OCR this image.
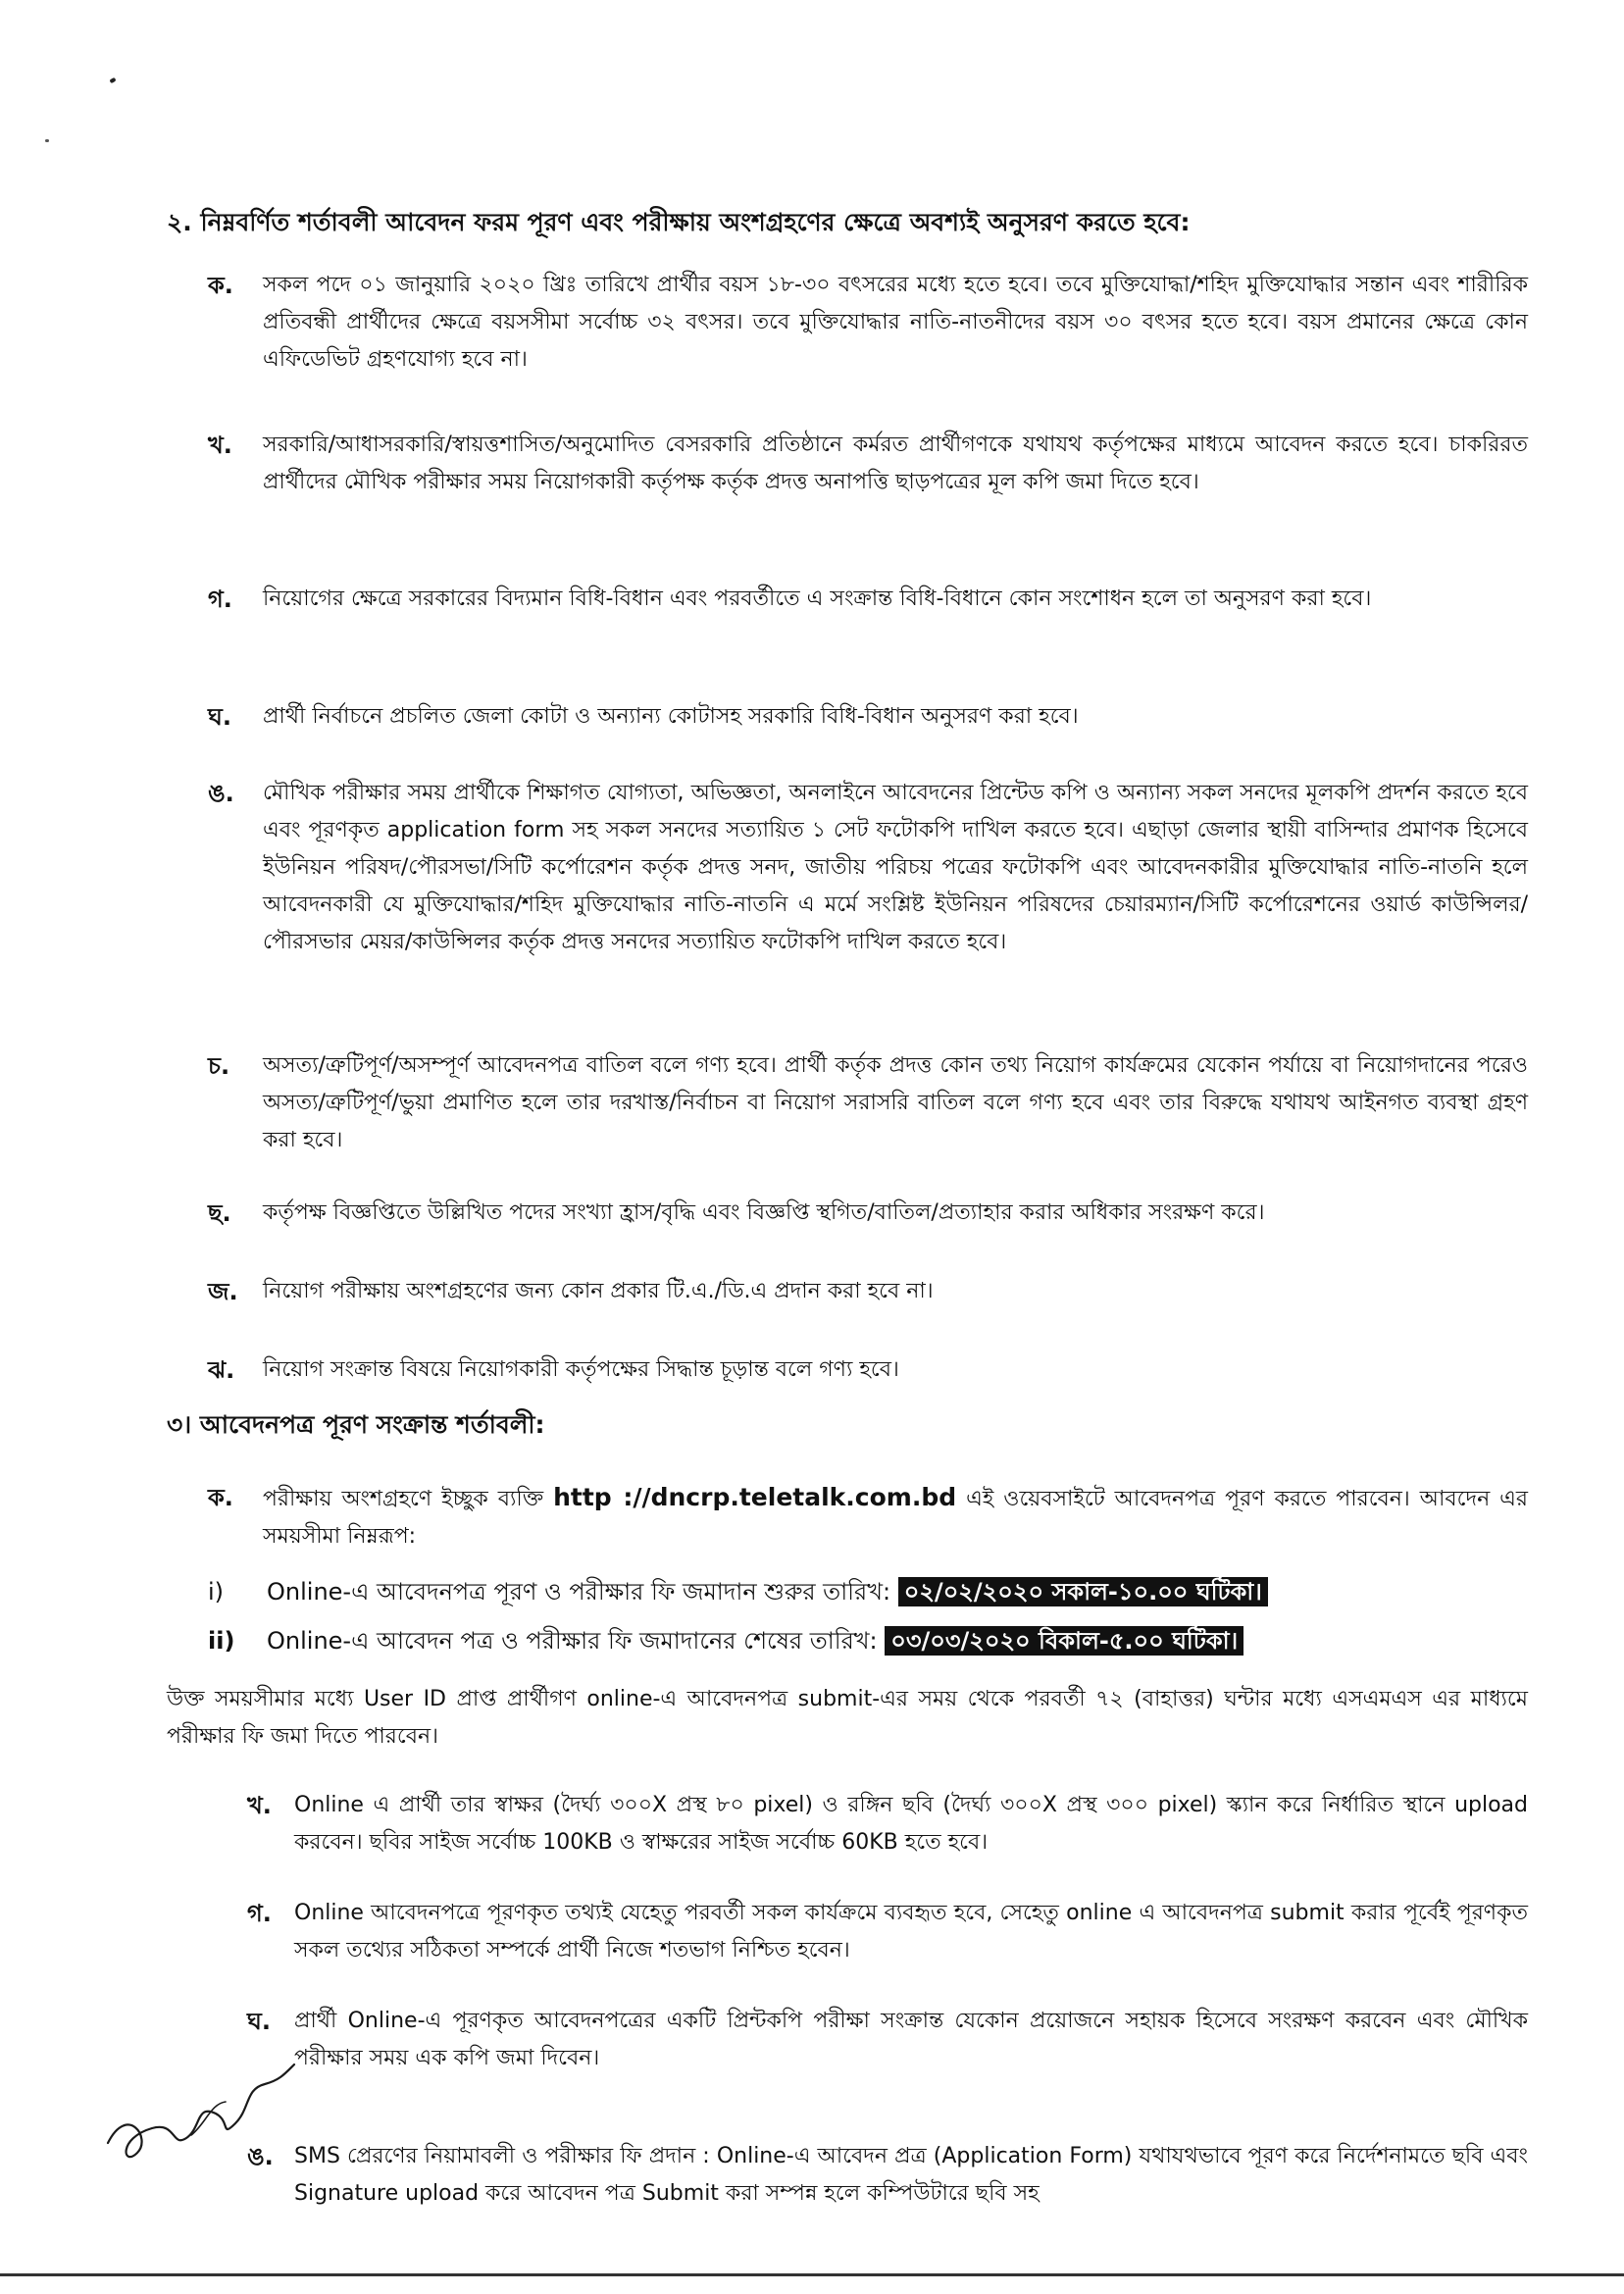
২. নিম্নবর্ণিত শর্তাবলী আবেদন ফরম পূরণ এবং পরীক্ষায় অংশগ্রহণের ক্ষেত্রে অবশ্যই অনুসরণ করতে হবে:
ক. সকল পদে ০১ জানুয়ারি ২০২০ খ্রিঃ তারিখে প্রার্থীর বয়স ১৮-৩০ বৎসরের মধ্যে হতে হবে। তবে মুক্তিযোদ্ধা/শহিদ মুক্তিযোদ্ধার সন্তান এবং শারীরিক প্রতিবন্ধী প্রার্থীদের ক্ষেত্রে বয়সসীমা সর্বোচ্চ ৩২ বৎসর। তবে মুক্তিযোদ্ধার নাতি-নাতনীদের বয়স ৩০ বৎসর হতে হবে। বয়স প্রমানের ক্ষেত্রে কোন এফিডেভিট গ্রহণযোগ্য হবে না।

খ. সরকারি/আধাসরকারি/স্বায়ত্তশাসিত/অনুমোদিত বেসরকারি প্রতিষ্ঠানে কর্মরত প্রার্থীগণকে যথাযথ কর্তৃপক্ষের মাধ্যমে আবেদন করতে হবে। চাকরিরত প্রার্থীদের মৌখিক পরীক্ষার সময় নিয়োগকারী কর্তৃপক্ষ কর্তৃক প্রদত্ত অনাপত্তি ছাড়পত্রের মূল কপি জমা দিতে হবে।

গ. নিয়োগের ক্ষেত্রে সরকারের বিদ্যমান বিধি-বিধান এবং পরবর্তীতে এ সংক্রান্ত বিধি-বিধানে কোন সংশোধন হলে তা অনুসরণ করা হবে।

ঘ. প্রার্থী নির্বাচনে প্রচলিত জেলা কোটা ও অন্যান্য কোটাসহ সরকারি বিধি-বিধান অনুসরণ করা হবে।

ঙ. মৌখিক পরীক্ষার সময় প্রার্থীকে শিক্ষাগত যোগ্যতা, অভিজ্ঞতা, অনলাইনে আবেদনের প্রিন্টেড কপি ও অন্যান্য সকল সনদের মূলকপি প্রদর্শন করতে হবে এবং পূরণকৃত application form সহ সকল সনদের সত্যায়িত ১ সেট ফটোকপি দাখিল করতে হবে। এছাড়া জেলার স্থায়ী বাসিন্দার প্রমাণক হিসেবে ইউনিয়ন পরিষদ/পৌরসভা/সিটি কর্পোরেশন কর্তৃক প্রদত্ত সনদ, জাতীয় পরিচয় পত্রের ফটোকপি এবং আবেদনকারীর মুক্তিযোদ্ধার নাতি-নাতনি হলে আবেদনকারী যে মুক্তিযোদ্ধার/শহিদ মুক্তিযোদ্ধার নাতি-নাতনি এ মর্মে সংশ্লিষ্ট ইউনিয়ন পরিষদের চেয়ারম্যান/সিটি কর্পোরেশনের ওয়ার্ড কাউন্সিলর/পৌরসভার মেয়র/কাউন্সিলর কর্তৃক প্রদত্ত সনদের সত্যায়িত ফটোকপি দাখিল করতে হবে।

চ. অসত্য/ত্রুটিপূর্ণ/অসম্পূর্ণ আবেদনপত্র বাতিল বলে গণ্য হবে। প্রার্থী কর্তৃক প্রদত্ত কোন তথ্য নিয়োগ কার্যক্রমের যেকোন পর্যায়ে বা নিয়োগদানের পরেও অসত্য/ত্রুটিপূর্ণ/ভুয়া প্রমাণিত হলে তার দরখাস্ত/নির্বাচন বা নিয়োগ সরাসরি বাতিল বলে গণ্য হবে এবং তার বিরুদ্ধে যথাযথ আইনগত ব্যবস্থা গ্রহণ করা হবে।

ছ. কর্তৃপক্ষ বিজ্ঞপ্তিতে উল্লিখিত পদের সংখ্যা হ্রাস/বৃদ্ধি এবং বিজ্ঞপ্তি স্থগিত/বাতিল/প্রত্যাহার করার অধিকার সংরক্ষণ করে।

জ. নিয়োগ পরীক্ষায় অংশগ্রহণের জন্য কোন প্রকার টি.এ./ডি.এ প্রদান করা হবে না।

ঝ. নিয়োগ সংক্রান্ত বিষয়ে নিয়োগকারী কর্তৃপক্ষের সিদ্ধান্ত চূড়ান্ত বলে গণ্য হবে।

৩। আবেদনপত্র পূরণ সংক্রান্ত শর্তাবলী:
ক. পরীক্ষায় অংশগ্রহণে ইচ্ছুক ব্যক্তি http ://dncrp.teletalk.com.bd এই ওয়েবসাইটে আবেদনপত্র পূরণ করতে পারবেন। আবদেন এর সময়সীমা নিম্নরূপ:

i) Online-এ আবেদনপত্র পূরণ ও পরীক্ষার ফি জমাদান শুরুর তারিখ: ০২/০২/২০২০ সকাল-১০.০০ ঘটিকা।
ii) Online-এ আবেদন পত্র ও পরীক্ষার ফি জমাদানের শেষের তারিখ: ০৩/০৩/২০২০ বিকাল-৫.০০ ঘটিকা।

উক্ত সময়সীমার মধ্যে User ID প্রাপ্ত প্রার্থীগণ online-এ আবেদনপত্র submit-এর সময় থেকে পরবর্তী ৭২ (বাহাত্তর) ঘন্টার মধ্যে এসএমএস এর মাধ্যমে পরীক্ষার ফি জমা দিতে পারবেন।

খ. Online এ প্রার্থী তার স্বাক্ষর (দৈর্ঘ্য ৩০০X প্রস্থ ৮০ pixel) ও রঙ্গিন ছবি (দৈর্ঘ্য ৩০০X প্রস্থ ৩০০ pixel) স্ক্যান করে নির্ধারিত স্থানে upload করবেন। ছবির সাইজ সর্বোচ্চ 100KB ও স্বাক্ষরের সাইজ সর্বোচ্চ 60KB হতে হবে।

গ. Online আবেদনপত্রে পূরণকৃত তথ্যই যেহেতু পরবর্তী সকল কার্যক্রমে ব্যবহৃত হবে, সেহেতু online এ আবেদনপত্র submit করার পূর্বেই পূরণকৃত সকল তথ্যের সঠিকতা সম্পর্কে প্রার্থী নিজে শতভাগ নিশ্চিত হবেন।

ঘ. প্রার্থী Online-এ পূরণকৃত আবেদনপত্রের একটি প্রিন্টকপি পরীক্ষা সংক্রান্ত যেকোন প্রয়োজনে সহায়ক হিসেবে সংরক্ষণ করবেন এবং মৌখিক পরীক্ষার সময় এক কপি জমা দিবেন।

ঙ. SMS প্রেরণের নিয়ামাবলী ও পরীক্ষার ফি প্রদান : Online-এ আবেদন প্রত্র (Application Form) যথাযথভাবে পূরণ করে নির্দেশনামতে ছবি এবং Signature upload করে আবেদন পত্র Submit করা সম্পন্ন হলে কম্পিউটারে ছবি সহ
